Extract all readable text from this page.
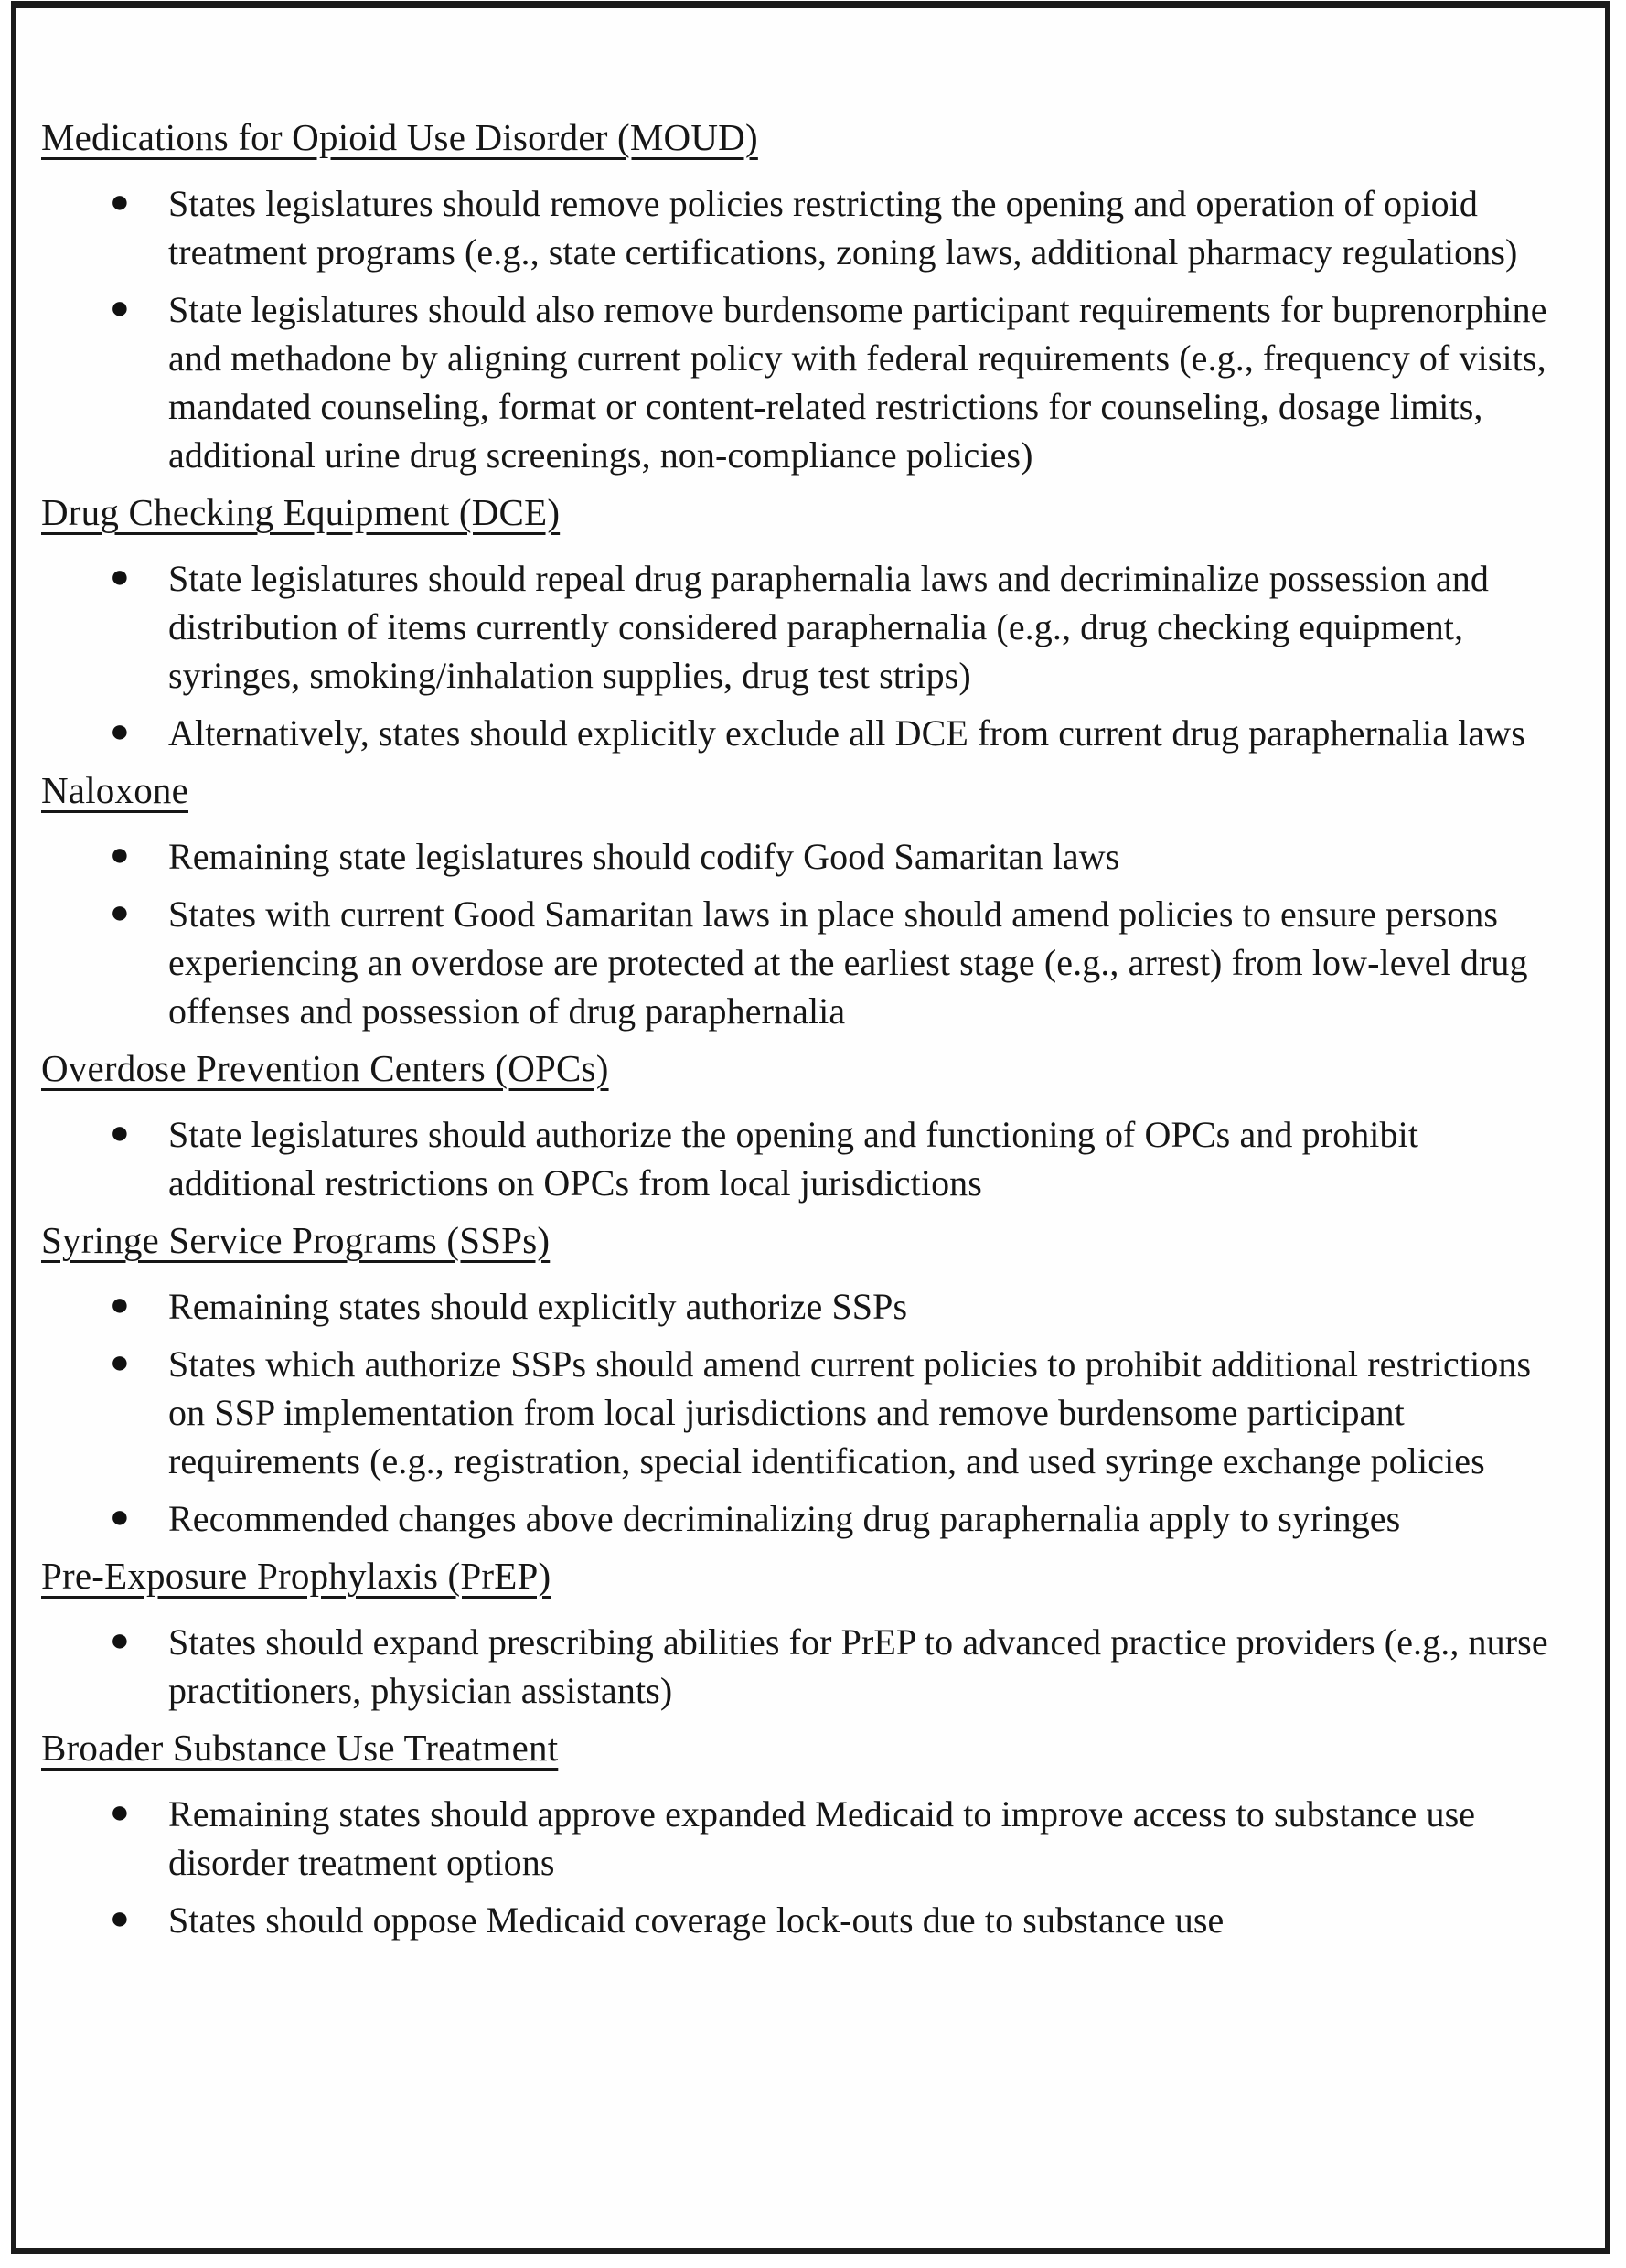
Medications for Opioid Use Disorder (MOUD)
● States legislatures should remove policies restricting the opening and operation of opioid treatment programs (e.g., state certifications, zoning laws, additional pharmacy regulations)
● State legislatures should also remove burdensome participant requirements for buprenorphine and methadone by aligning current policy with federal requirements (e.g., frequency of visits, mandated counseling, format or content-related restrictions for counseling, dosage limits, additional urine drug screenings, non-compliance policies)
Drug Checking Equipment (DCE)
● State legislatures should repeal drug paraphernalia laws and decriminalize possession and distribution of items currently considered paraphernalia (e.g., drug checking equipment, syringes, smoking/inhalation supplies, drug test strips)
● Alternatively, states should explicitly exclude all DCE from current drug paraphernalia laws
Naloxone
● Remaining state legislatures should codify Good Samaritan laws
● States with current Good Samaritan laws in place should amend policies to ensure persons experiencing an overdose are protected at the earliest stage (e.g., arrest) from low-level drug offenses and possession of drug paraphernalia
Overdose Prevention Centers (OPCs)
● State legislatures should authorize the opening and functioning of OPCs and prohibit additional restrictions on OPCs from local jurisdictions
Syringe Service Programs (SSPs)
● Remaining states should explicitly authorize SSPs
● States which authorize SSPs should amend current policies to prohibit additional restrictions on SSP implementation from local jurisdictions and remove burdensome participant requirements (e.g., registration, special identification, and used syringe exchange policies
● Recommended changes above decriminalizing drug paraphernalia apply to syringes
Pre-Exposure Prophylaxis (PrEP)
● States should expand prescribing abilities for PrEP to advanced practice providers (e.g., nurse practitioners, physician assistants)
Broader Substance Use Treatment
● Remaining states should approve expanded Medicaid to improve access to substance use disorder treatment options
● States should oppose Medicaid coverage lock-outs due to substance use
